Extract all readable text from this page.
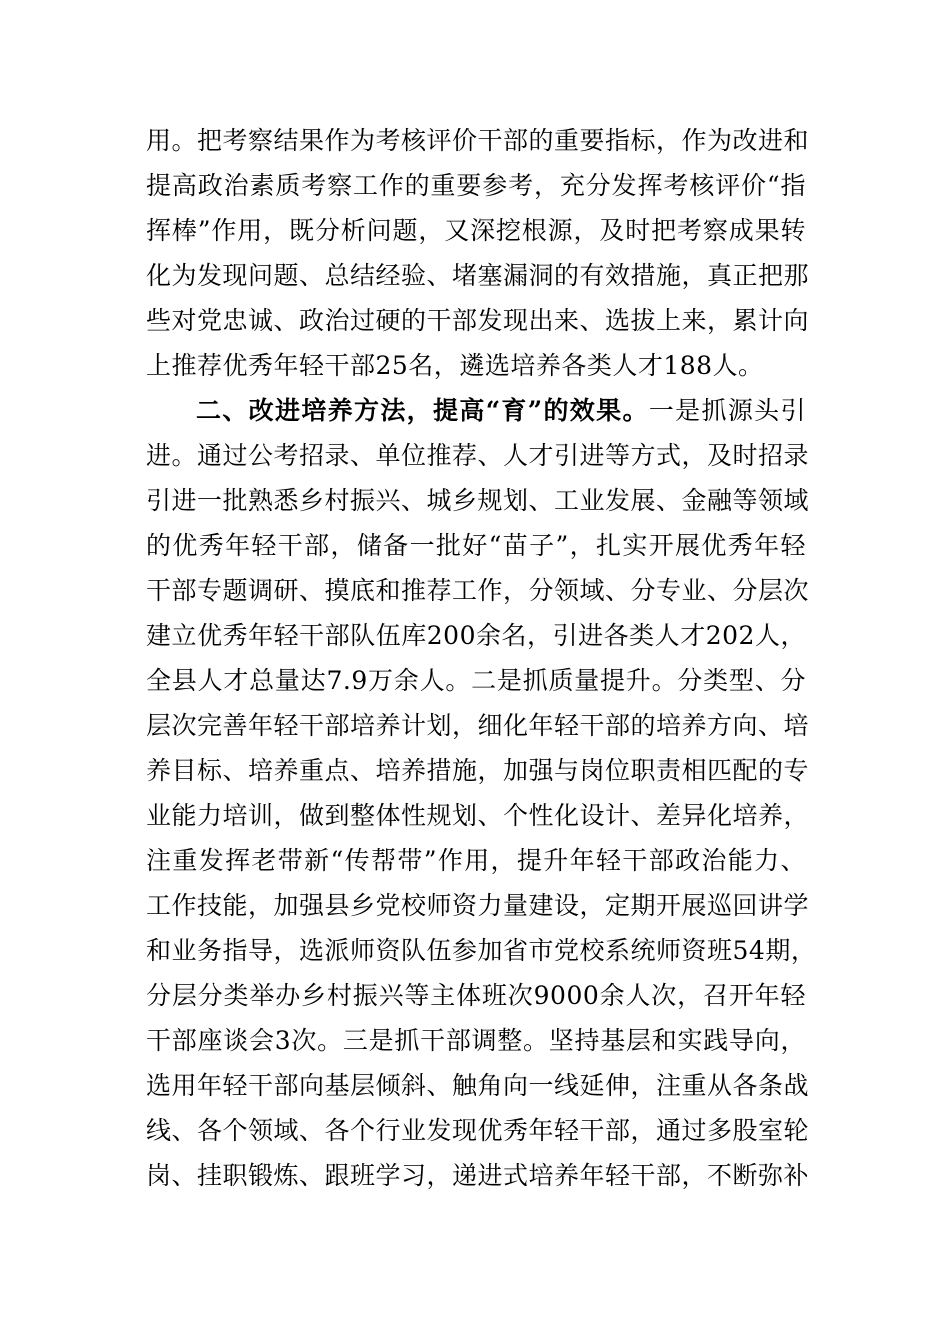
用。把考察结果作为考核评价干部的重要指标，作为改进和
提高政治素质考察工作的重要参考，充分发挥考核评价“指
挥棒”作用，既分析问题，又深挖根源，及时把考察成果转
化为发现问题、总结经验、堵塞漏洞的有效措施，真正把那
些对党忠诚、政治过硬的干部发现出来、选拔上来，累计向
上推荐优秀年轻干部25名，遴选培养各类人才188人。
二、改进培养方法，提高“育”的效果。一是抓源头引
进。通过公考招录、单位推荐、人才引进等方式，及时招录
引进一批熟悉乡村振兴、城乡规划、工业发展、金融等领域
的优秀年轻干部，储备一批好“苗子”，扎实开展优秀年轻
干部专题调研、摸底和推荐工作，分领域、分专业、分层次
建立优秀年轻干部队伍库200余名，引进各类人才202人，
全县人才总量达7.9万余人。二是抓质量提升。分类型、分
层次完善年轻干部培养计划，细化年轻干部的培养方向、培
养目标、培养重点、培养措施，加强与岗位职责相匹配的专
业能力培训，做到整体性规划、个性化设计、差异化培养，
注重发挥老带新“传帮带”作用，提升年轻干部政治能力、
工作技能，加强县乡党校师资力量建设，定期开展巡回讲学
和业务指导，选派师资队伍参加省市党校系统师资班54期，
分层分类举办乡村振兴等主体班次9000余人次，召开年轻
干部座谈会3次。三是抓干部调整。坚持基层和实践导向，
选用年轻干部向基层倾斜、触角向一线延伸，注重从各条战
线、各个领域、各个行业发现优秀年轻干部，通过多股室轮
岗、挂职锻炼、跟班学习，递进式培养年轻干部，不断弥补
